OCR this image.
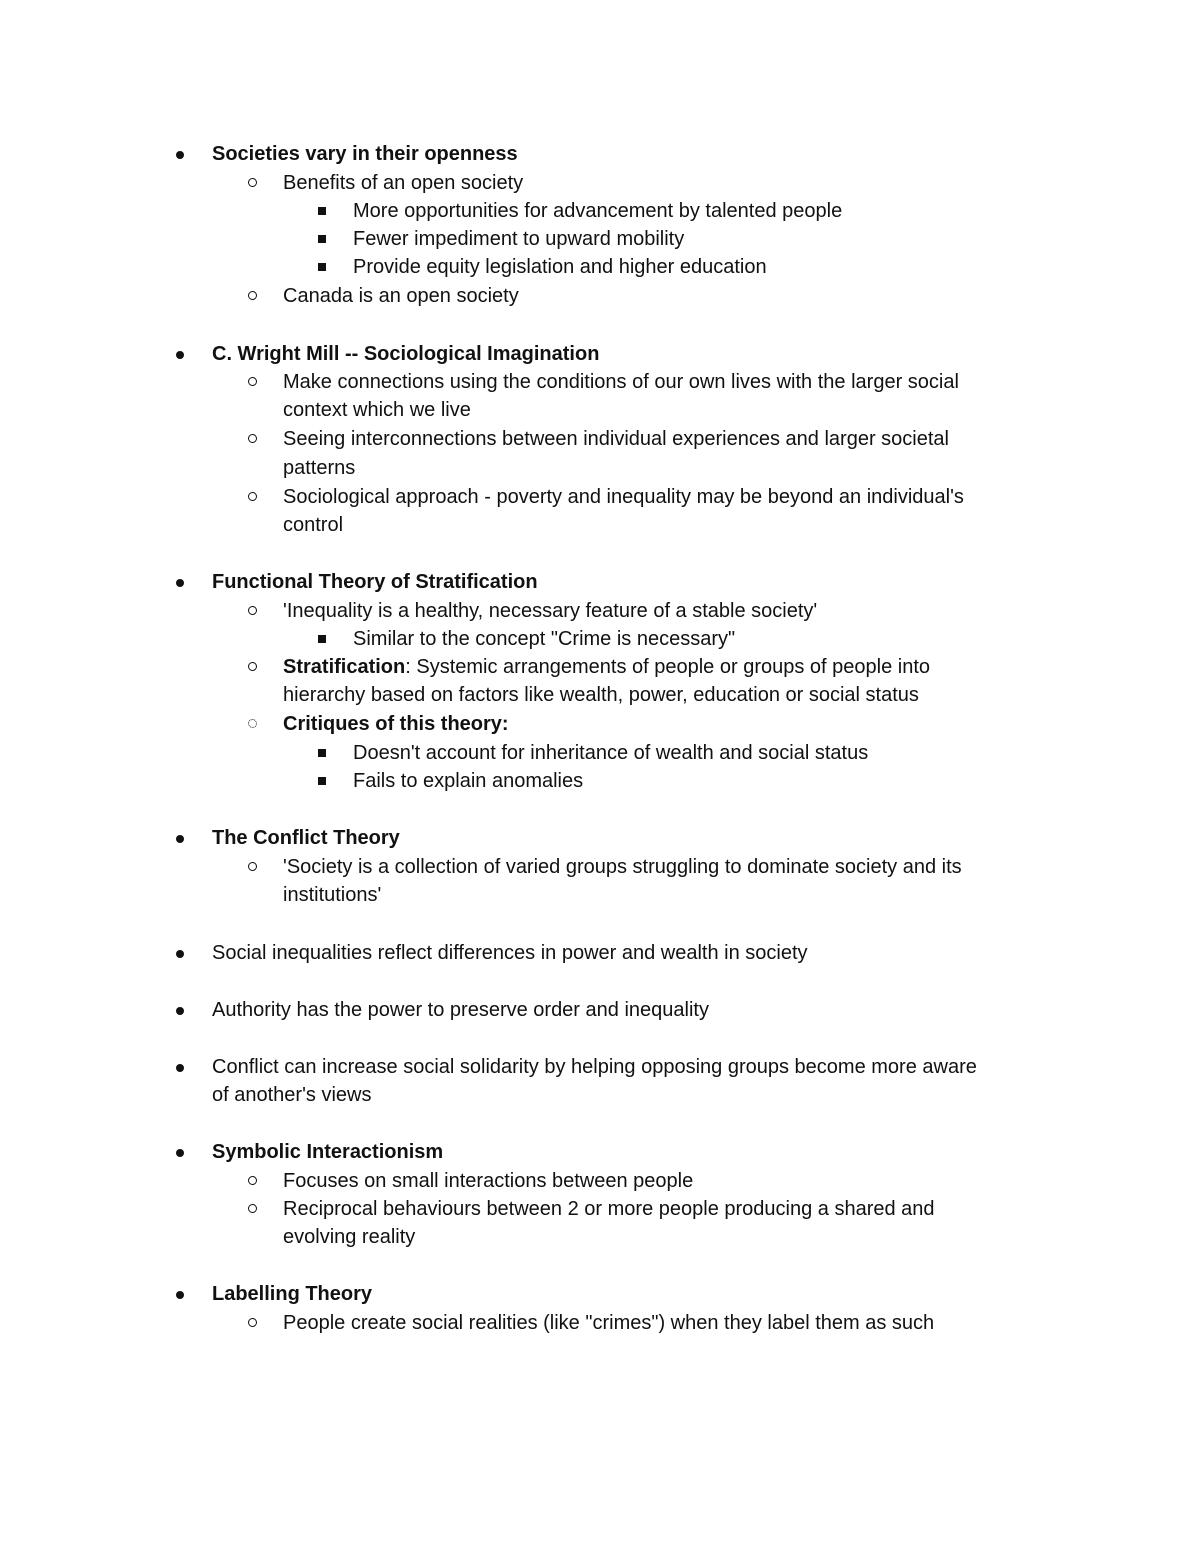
Societies vary in their openness
Benefits of an open society
More opportunities for advancement by talented people
Fewer impediment to upward mobility
Provide equity legislation and higher education
Canada is an open society
C. Wright Mill -- Sociological Imagination
Make connections using the conditions of our own lives with the larger social
context which we live
Seeing interconnections between individual experiences and larger societal
patterns
Sociological approach - poverty and inequality may be beyond an individual's
control
Functional Theory of Stratification
'Inequality is a healthy, necessary feature of a stable society'
Similar to the concept "Crime is necessary"
Stratification: Systemic arrangements of people or groups of people into
hierarchy based on factors like wealth, power, education or social status
Critiques of this theory:
Doesn't account for inheritance of wealth and social status
Fails to explain anomalies
The Conflict Theory
'Society is a collection of varied groups struggling to dominate society and its
institutions'
Social inequalities reflect differences in power and wealth in society
Authority has the power to preserve order and inequality
Conflict can increase social solidarity by helping opposing groups become more aware
of another's views
Symbolic Interactionism
Focuses on small interactions between people
Reciprocal behaviours between 2 or more people producing a shared and
evolving reality
Labelling Theory
People create social realities (like "crimes") when they label them as such
